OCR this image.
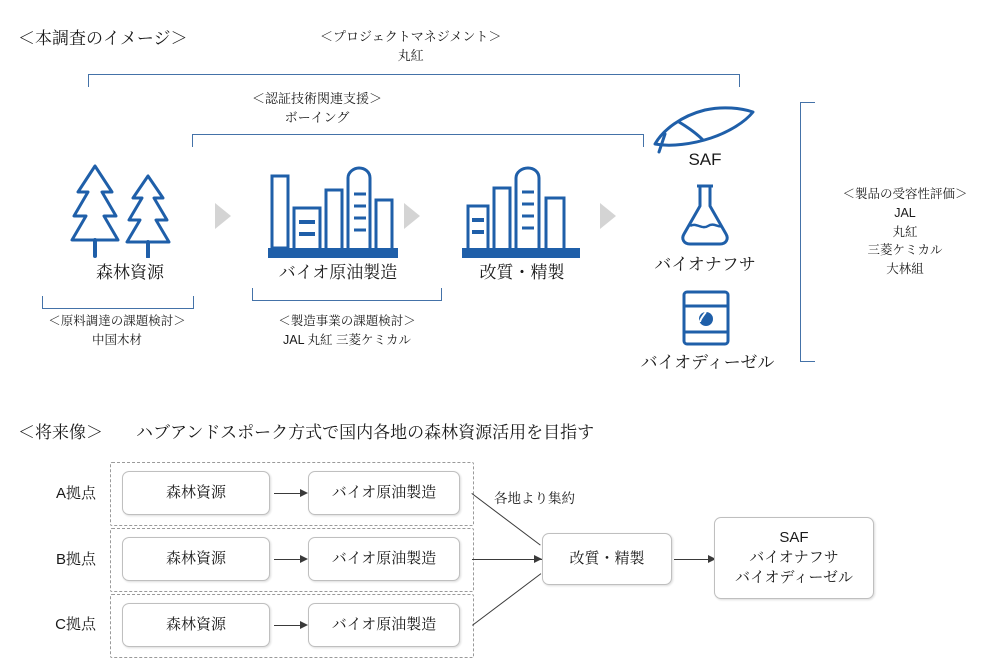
＜本調査のイメージ＞	＜プロジェクトマネジメント＞
丸紅
＜認証技術関連支援＞
ボーイング
森林資源	バイオ原油製造	改質・精製
＜原料調達の課題検討＞
中国木材
＜製造事業の課題検討＞
JAL 丸紅 三菱ケミカル
SAF
バイオナフサ
バイオディーゼル
＜製品の受容性評価＞
JAL
丸紅
三菱ケミカル
大林組
＜将来像＞ ハブアンドスポーク方式で国内各地の森林資源活用を目指す
A拠点	森林資源	バイオ原油製造
B拠点	森林資源	バイオ原油製造
C拠点	森林資源	バイオ原油製造
各地より集約
改質・精製
SAF
バイオナフサ
バイオディーゼル
